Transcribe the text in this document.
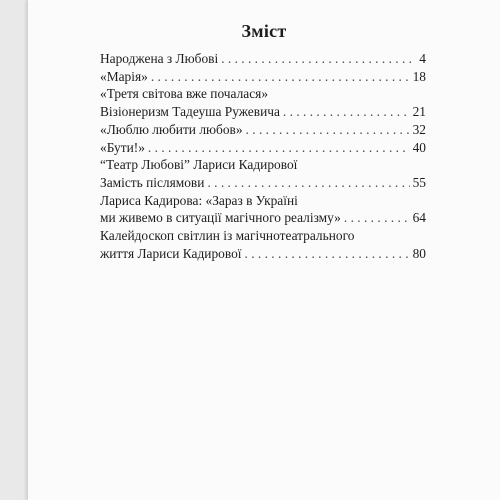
Зміст
Народжена з Любові . . .	4
«Марія» . . .	18
«Третя світова вже почалася»
Візіонеризм Тадеуша Ружевича . . .	21
«Люблю любити любов» . . .	32
«Бути!» . . .	40
“Театр Любові” Лариси Кадирової
Замість післямови . . .	55
Лариса Кадирова: «Зараз в Україні
ми живемо в ситуації магічного реалізму» . . .	64
Калейдоскоп світлин із магічнотеатрального
життя Лариси Кадирової . . .	80
